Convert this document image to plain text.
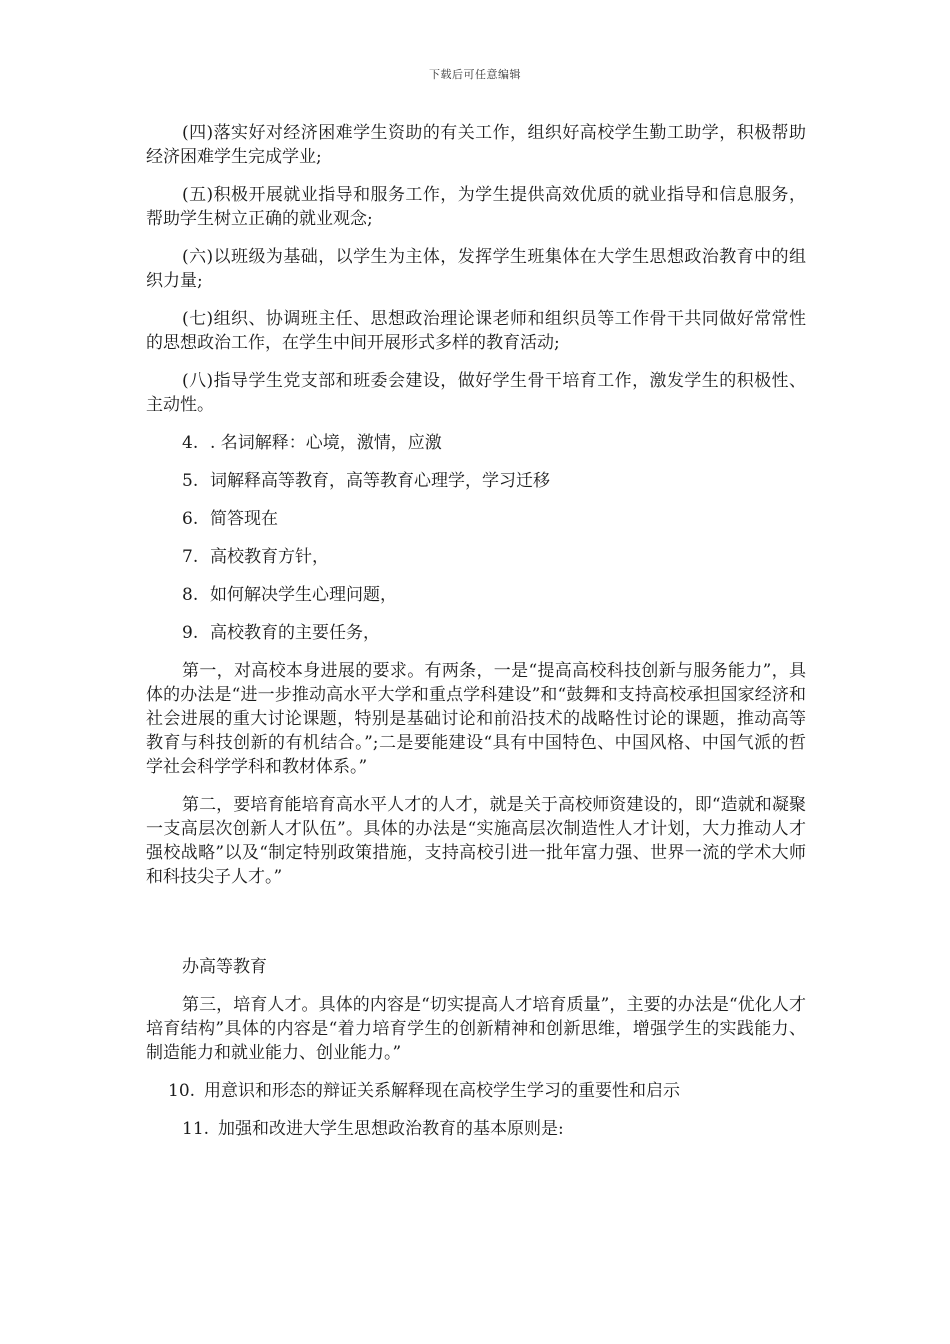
下载后可任意编辑

(四)落实好对经济困难学生资助的有关工作，组织好高校学生勤工助学，积极帮助经济困难学生完成学业;

(五)积极开展就业指导和服务工作，为学生提供高效优质的就业指导和信息服务，帮助学生树立正确的就业观念;

(六)以班级为基础，以学生为主体，发挥学生班集体在大学生思想政治教育中的组织力量;

(七)组织、协调班主任、思想政治理论课老师和组织员等工作骨干共同做好常常性的思想政治工作，在学生中间开展形式多样的教育活动;

(八)指导学生党支部和班委会建设，做好学生骨干培育工作，激发学生的积极性、主动性。

4. . 名词解释：心境，激情，应激
5. 词解释高等教育，高等教育心理学，学习迁移
6. 简答现在
7. 高校教育方针，
8. 如何解决学生心理问题，
9. 高校教育的主要任务，

第一，对高校本身进展的要求。有两条，一是“提高高校科技创新与服务能力”，具体的办法是“进一步推动高水平大学和重点学科建设”和“鼓舞和支持高校承担国家经济和社会进展的重大讨论课题，特别是基础讨论和前沿技术的战略性讨论的课题，推动高等教育与科技创新的有机结合。”;二是要能建设“具有中国特色、中国风格、中国气派的哲学社会科学学科和教材体系。”

第二，要培育能培育高水平人才的人才，就是关于高校师资建设的，即“造就和凝聚一支高层次创新人才队伍”。具体的办法是“实施高层次制造性人才计划，大力推动人才强校战略”以及“制定特别政策措施，支持高校引进一批年富力强、世界一流的学术大师和科技尖子人才。”

办高等教育

第三，培育人才。具体的内容是“切实提高人才培育质量”，主要的办法是“优化人才培育结构”具体的内容是“着力培育学生的创新精神和创新思维，增强学生的实践能力、制造能力和就业能力、创业能力。”

10. 用意识和形态的辩证关系解释现在高校学生学习的重要性和启示
11. 加强和改进大学生思想政治教育的基本原则是:
